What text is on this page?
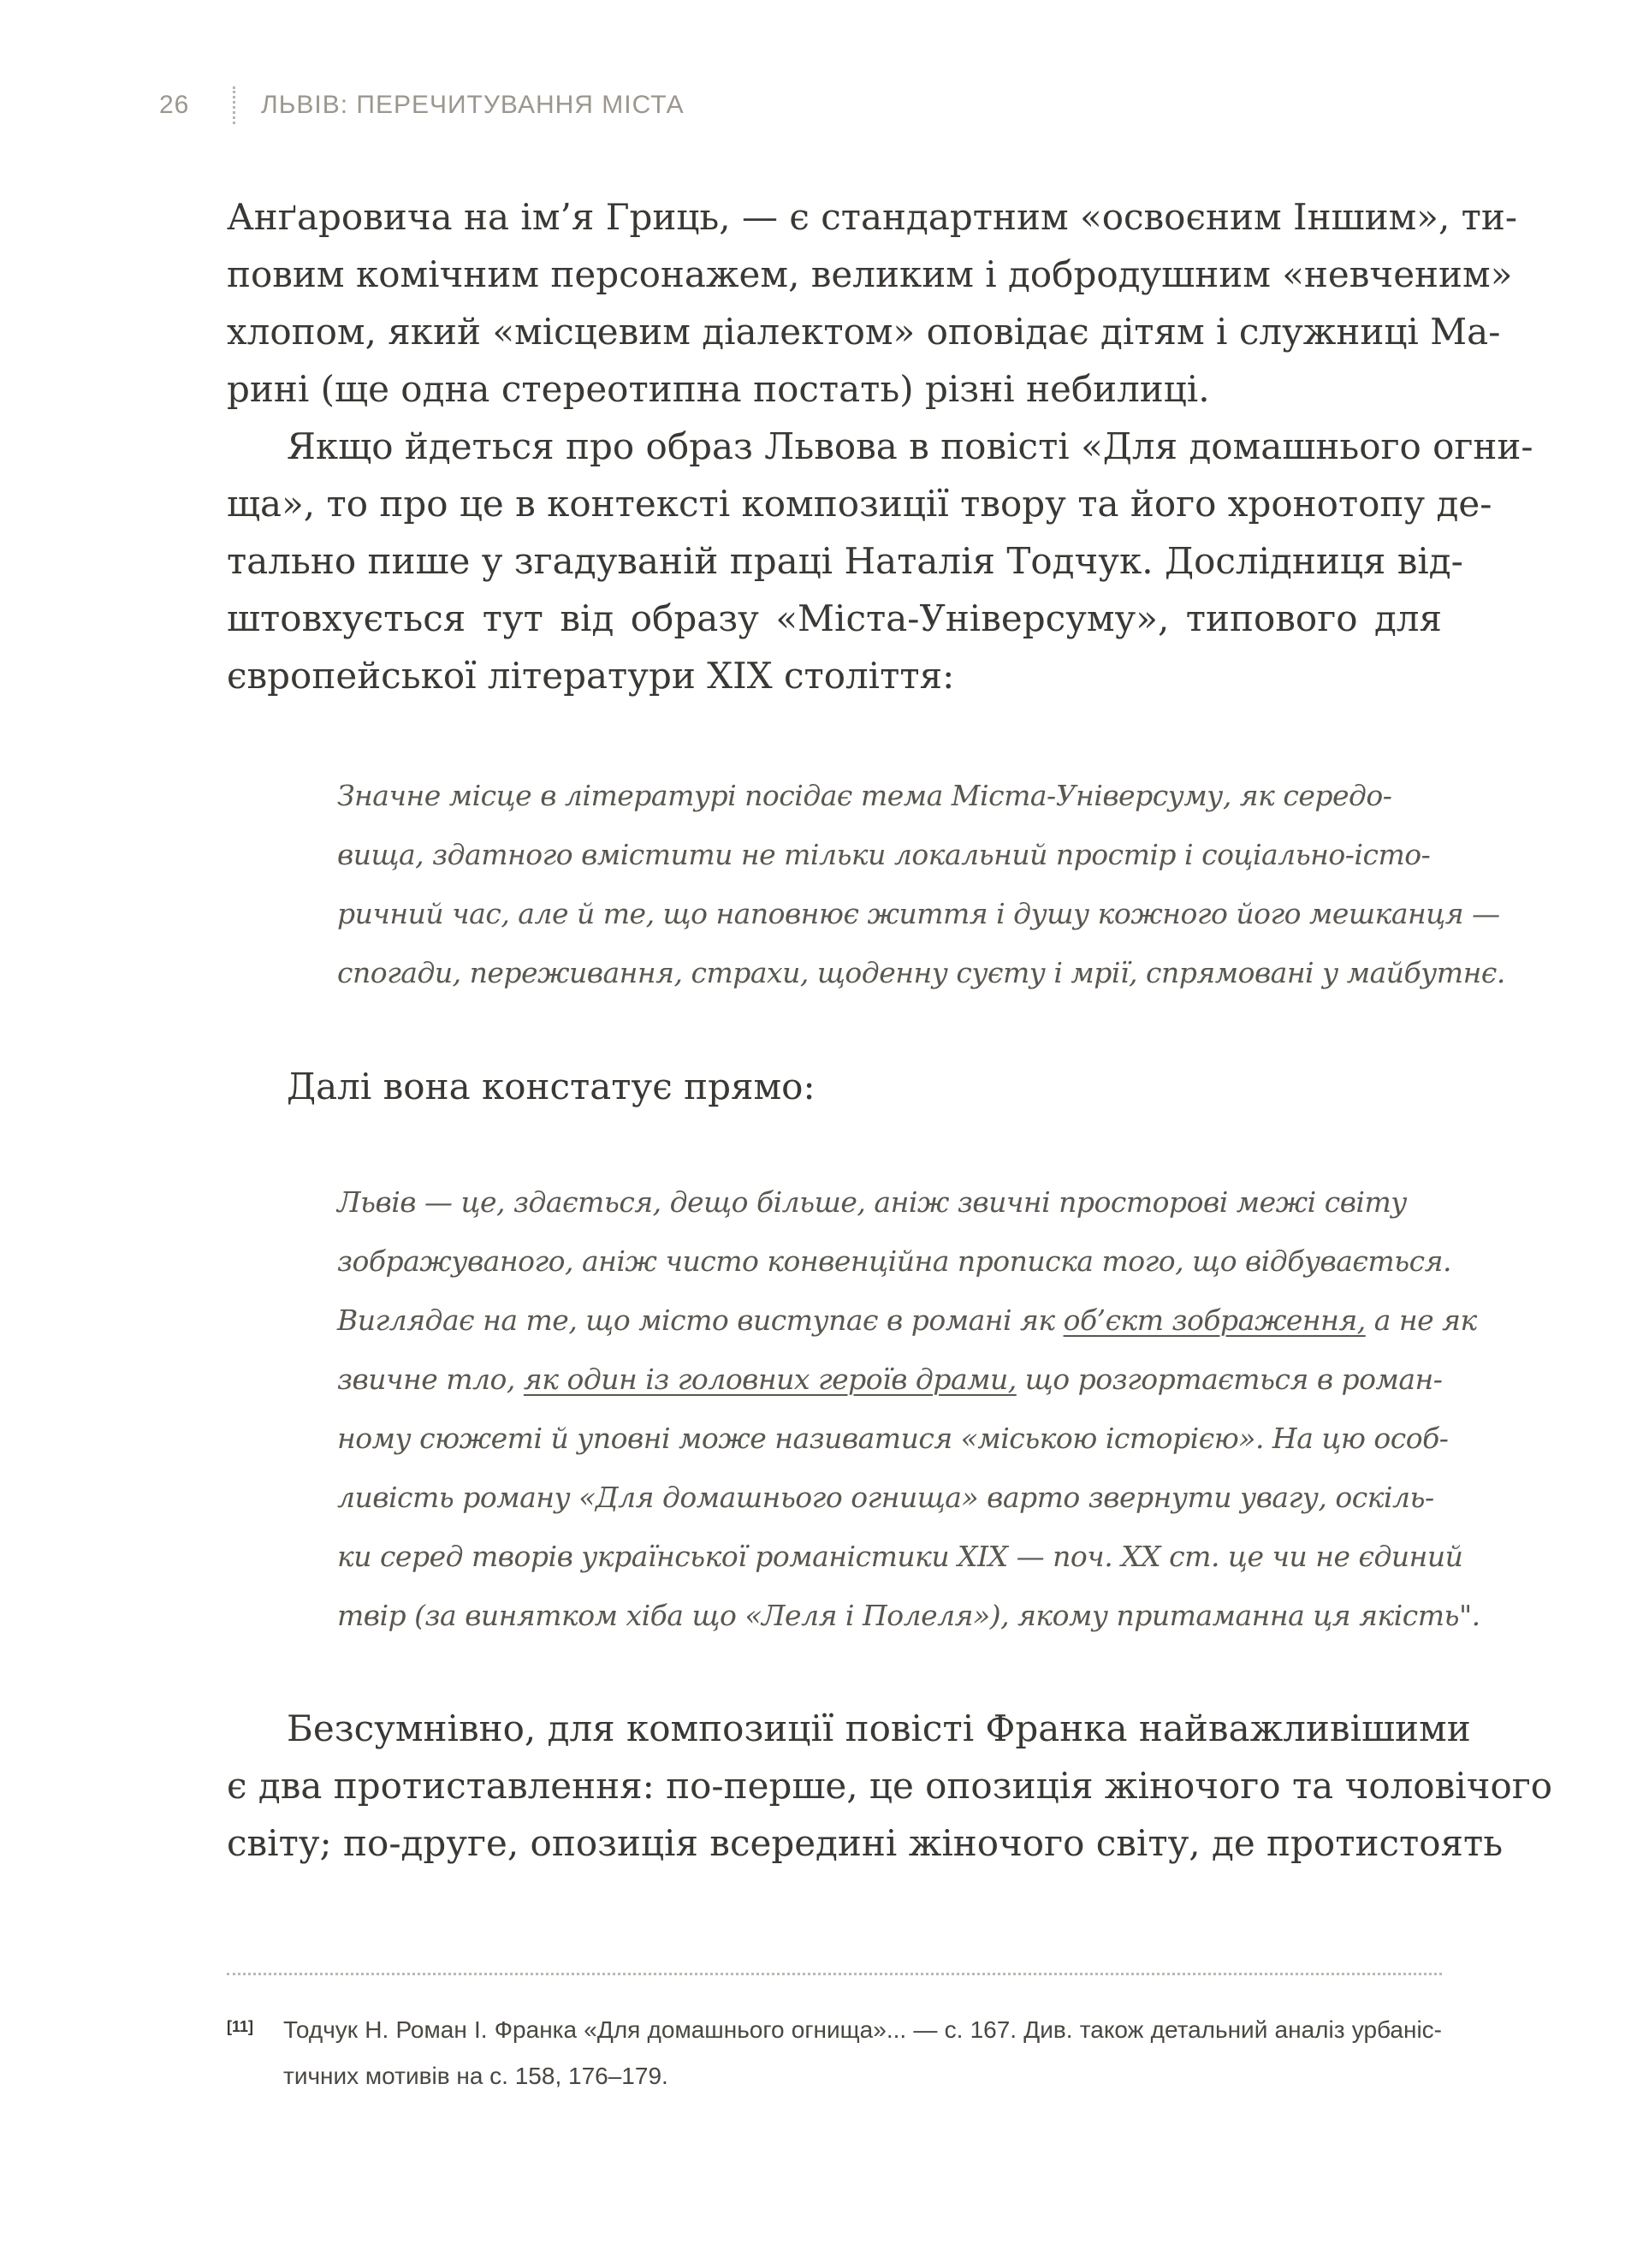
26	ЛЬВІВ: ПЕРЕЧИТУВАННЯ МІСТА

Анґаровича на ім’я Гриць, — є стандартним «освоєним Іншим», ти-
повим комічним персонажем, великим і добродушним «невченим»
хлопом, який «місцевим діалектом» оповідає дітям і служниці Ма-
рині (ще одна стереотипна постать) різні небилиці.

Якщо йдеться про образ Львова в повісті «Для домашнього огни-
ща», то про це в контексті композиції твору та його хронотопу де-
тально пише у згадуваній праці Наталія Тодчук. Дослідниця від-
штовхується тут від образу «Міста-Універсуму», типового для
європейської літератури XIX століття:

Значне місце в літературі посідає тема Міста-Універсуму, як середо-
вища, здатного вмістити не тільки локальний простір і соціально-істо-
ричний час, але й те, що наповнює життя і душу кожного його мешканця —
спогади, переживання, страхи, щоденну суєту і мрії, спрямовані у майбутнє.

Далі вона констатує прямо:

Львів — це, здається, дещо більше, аніж звичні просторові межі світу
зображуваного, аніж чисто конвенційна прописка того, що відбувається.
Виглядає на те, що місто виступає в романі як об’єкт зображення, а не як
звичне тло, як один із головних героїв драми, що розгортається в роман-
ному сюжеті й уповні може називатися «міською історією». На цю особ-
ливість роману «Для домашнього огнища» варто звернути увагу, оскіль-
ки серед творів української романістики XIX — поч. XX ст. це чи не єдиний
твір (за винятком хіба що «Леля і Полеля»), якому притаманна ця якість".

Безсумнівно, для композиції повісті Франка найважливішими
є два протиставлення: по-перше, це опозиція жіночого та чоловічого
світу; по-друге, опозиція всередині жіночого світу, де протистоять

[11] Тодчук Н. Роман І. Франка «Для домашнього огнища»... — с. 167. Див. також детальний аналіз урбаніс-
тичних мотивів на с. 158, 176–179.
